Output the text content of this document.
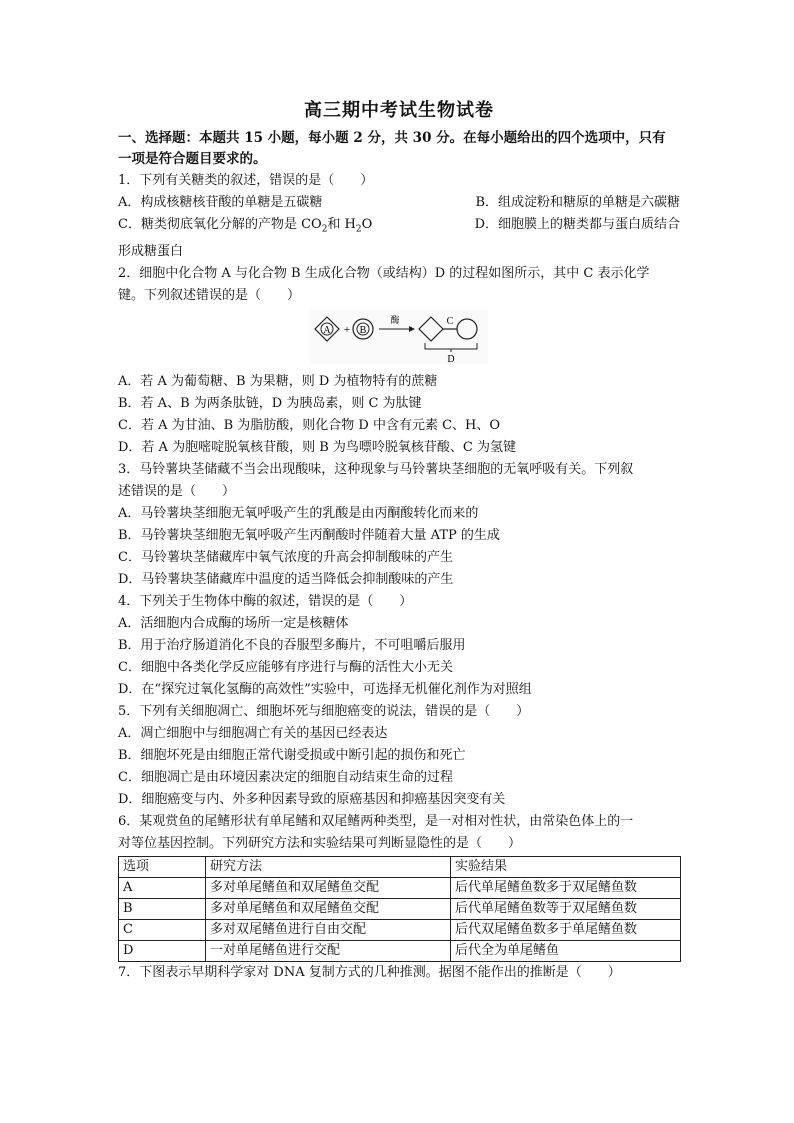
高三期中考试生物试卷
一、选择题：本题共 15 小题，每小题 2 分，共 30 分。在每小题给出的四个选项中，只有
一项是符合题目要求的。
1．下列有关糖类的叙述，错误的是（　　）
A．构成核糖核苷酸的单糖是五碳糖	B．组成淀粉和糖原的单糖是六碳糖
C．糖类彻底氧化分解的产物是 $CO_2$和 $H_2O$	D．细胞膜上的糖类都与蛋白质结合
形成糖蛋白
2．细胞中化合物 A 与化合物 B 生成化合物（或结构）D 的过程如图所示，其中 C 表示化学
键。下列叙述错误的是（　　）
A + B
酶	C
D
A．若 A 为葡萄糖、B 为果糖，则 D 为植物特有的蔗糖
B．若 A、B 为两条肽链，D 为胰岛素，则 C 为肽键
C．若 A 为甘油、B 为脂肪酸，则化合物 D 中含有元素 C、H、O
D．若 A 为胞嘧啶脱氧核苷酸，则 B 为鸟嘌呤脱氧核苷酸、C 为氢键
3．马铃薯块茎储藏不当会出现酸味，这种现象与马铃薯块茎细胞的无氧呼吸有关。下列叙
述错误的是（　　）
A．马铃薯块茎细胞无氧呼吸产生的乳酸是由丙酮酸转化而来的
B．马铃薯块茎细胞无氧呼吸产生丙酮酸时伴随着大量 ATP 的生成
C．马铃薯块茎储藏库中氧气浓度的升高会抑制酸味的产生
D．马铃薯块茎储藏库中温度的适当降低会抑制酸味的产生
4．下列关于生物体中酶的叙述，错误的是（　　）
A．活细胞内合成酶的场所一定是核糖体
B．用于治疗肠道消化不良的吞服型多酶片，不可咀嚼后服用
C．细胞中各类化学反应能够有序进行与酶的活性大小无关
D．在“探究过氧化氢酶的高效性”实验中，可选择无机催化剂作为对照组
5．下列有关细胞凋亡、细胞坏死与细胞癌变的说法，错误的是（　　）
A．凋亡细胞中与细胞凋亡有关的基因已经表达
B．细胞坏死是由细胞正常代谢受损或中断引起的损伤和死亡
C．细胞凋亡是由环境因素决定的细胞自动结束生命的过程
D．细胞癌变与内、外多种因素导致的原癌基因和抑癌基因突变有关
6．某观赏鱼的尾鳍形状有单尾鳍和双尾鳍两种类型，是一对相对性状，由常染色体上的一
对等位基因控制。下列研究方法和实验结果可判断显隐性的是（　　）
选项	研究方法	实验结果
A	多对单尾鳍鱼和双尾鳍鱼交配	后代单尾鳍鱼数多于双尾鳍鱼数
B	多对单尾鳍鱼和双尾鳍鱼交配	后代单尾鳍鱼数等于双尾鳍鱼数
C	多对双尾鳍鱼进行自由交配	后代双尾鳍鱼数多于单尾鳍鱼数
D	一对单尾鳍鱼进行交配	后代全为单尾鳍鱼
7．下图表示早期科学家对 DNA 复制方式的几种推测。据图不能作出的推断是（　　）
